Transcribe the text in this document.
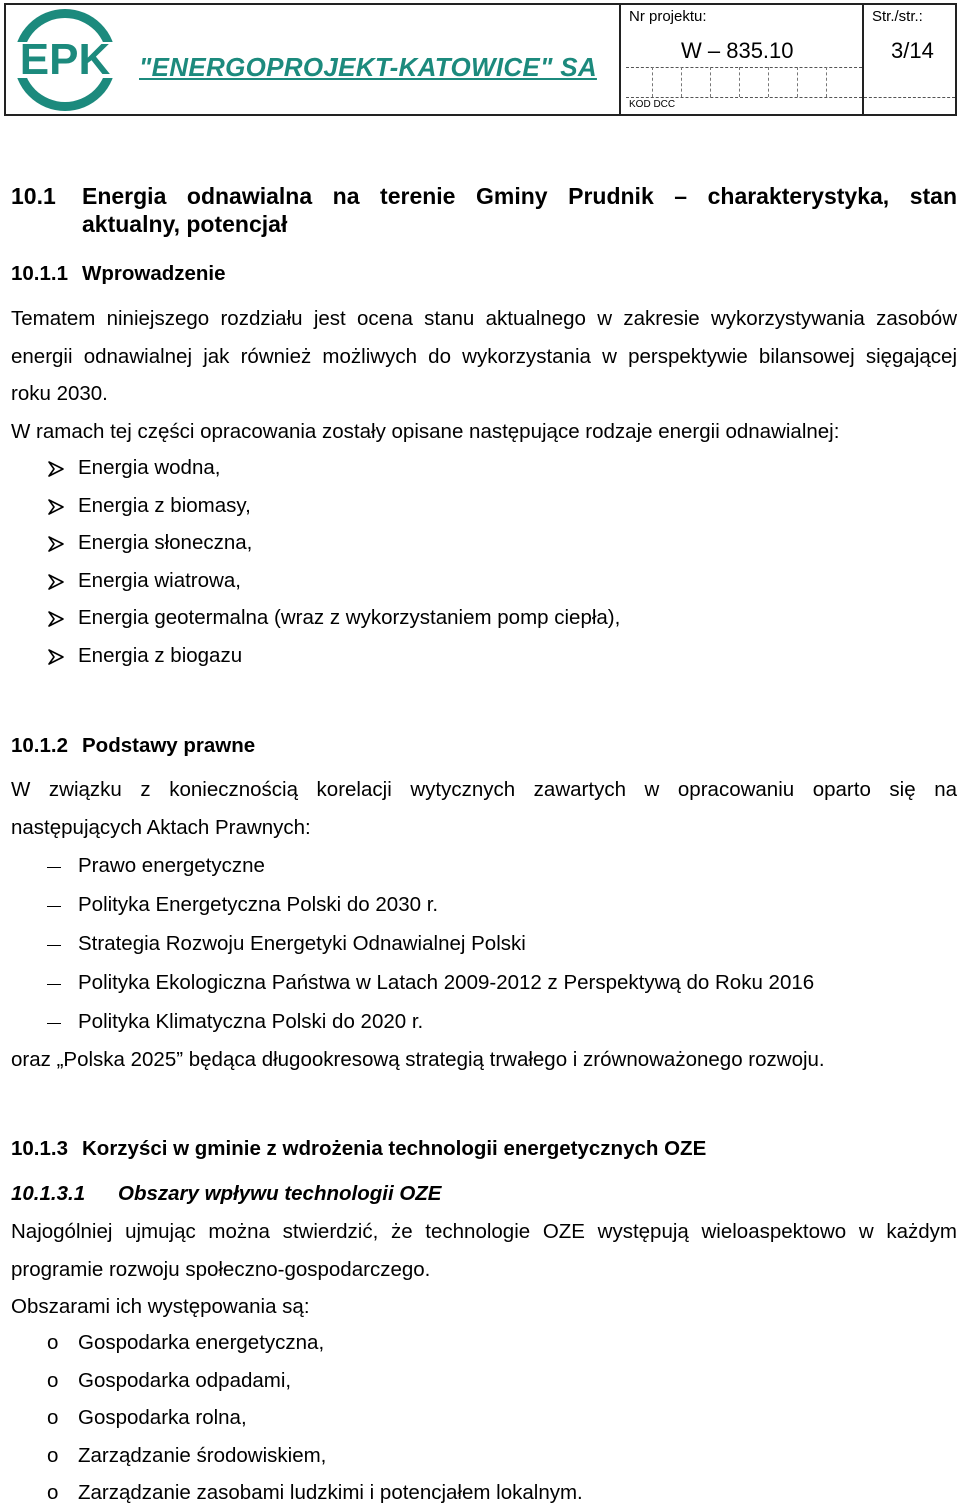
EPK "ENERGOPROJEKT-KATOWICE" SA
Nr projektu:
W – 835.10
KOD DCC
Str./str.:
3/14
10.1 Energia odnawialna na terenie Gminy Prudnik – charakterystyka, stan
aktualny, potencjał
10.1.1 Wprowadzenie

Tematem niniejszego rozdziału jest ocena stanu aktualnego w zakresie wykorzystywania zasobów

energii odnawialnej jak również możliwych do wykorzystania w perspektywie bilansowej sięgającej

roku 2030.

W ramach tej części opracowania zostały opisane następujące rodzaje energii odnawialnej:

Energia wodna,
Energia z biomasy,
Energia słoneczna,
Energia wiatrowa,
Energia geotermalna (wraz z wykorzystaniem pomp ciepła),
Energia z biogazu
10.1.2 Podstawy prawne

W związku z koniecznością korelacji wytycznych zawartych w opracowaniu oparto się na

następujących Aktach Prawnych:

Prawo energetyczne
Polityka Energetyczna Polski do 2030 r.
Strategia Rozwoju Energetyki Odnawialnej Polski
Polityka Ekologiczna Państwa w Latach 2009-2012 z Perspektywą do Roku 2016
Polityka Klimatyczna Polski do 2020 r.

oraz „Polska 2025” będąca długookresową strategią trwałego i zrównoważonego rozwoju.

10.1.3 Korzyści w gminie z wdrożenia technologii energetycznych OZE
10.1.3.1 Obszary wpływu technologii OZE

Najogólniej ujmując można stwierdzić, że technologie OZE występują wieloaspektowo w każdym

programie rozwoju społeczno-gospodarczego.

Obszarami ich występowania są:

o Gospodarka energetyczna,
o Gospodarka odpadami,
o Gospodarka rolna,
o Zarządzanie środowiskiem,
o Zarządzanie zasobami ludzkimi i potencjałem lokalnym.
